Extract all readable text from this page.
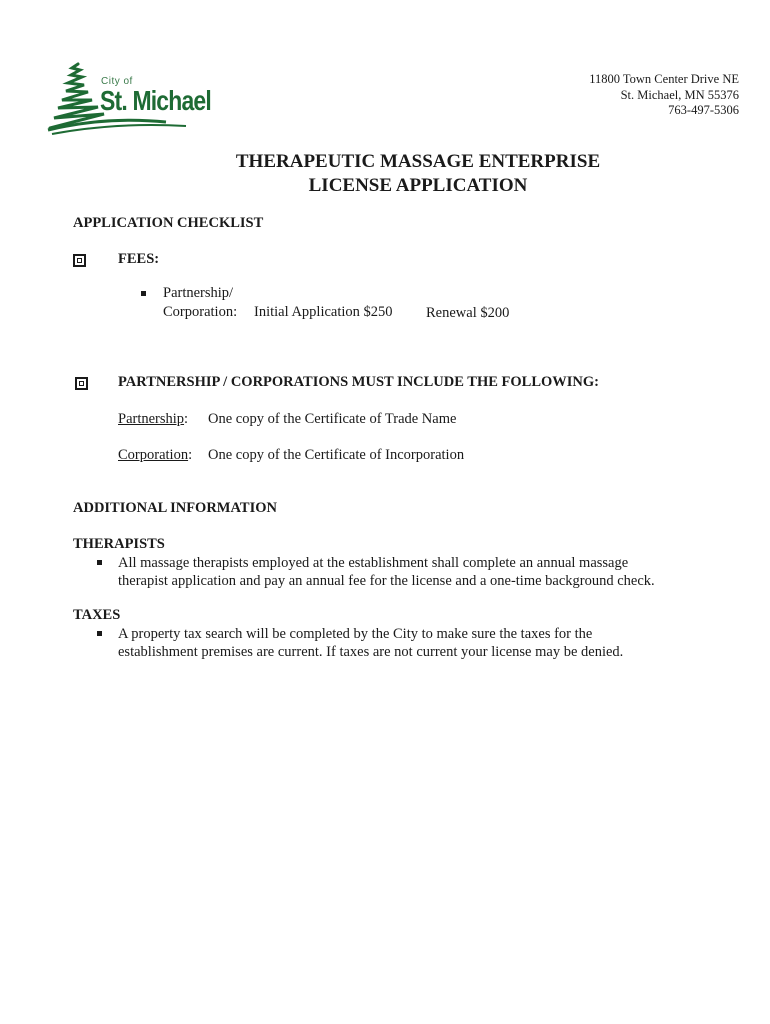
City of
St. Michael
11800 Town Center Drive NE
St. Michael, MN 55376
763-497-5306
THERAPEUTIC MASSAGE ENTERPRISE
LICENSE APPLICATION
APPLICATION CHECKLIST
FEES:
Partnership/
Corporation: Initial Application $250 Renewal $200
PARTNERSHIP / CORPORATIONS MUST INCLUDE THE FOLLOWING:
Partnership: One copy of the Certificate of Trade Name
Corporation: One copy of the Certificate of Incorporation
ADDITIONAL INFORMATION
THERAPISTS
All massage therapists employed at the establishment shall complete an annual massage
therapist application and pay an annual fee for the license and a one-time background check.
TAXES
A property tax search will be completed by the City to make sure the taxes for the
establishment premises are current. If taxes are not current your license may be denied.
